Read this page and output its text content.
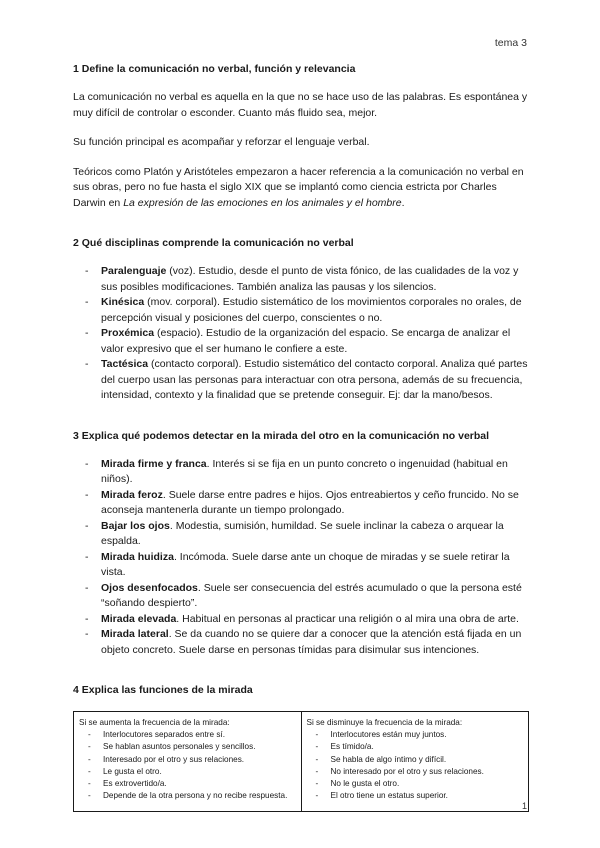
tema 3
1 Define la comunicación no verbal, función y relevancia

La comunicación no verbal es aquella en la que no se hace uso de las palabras. Es espontánea y muy difícil de controlar o esconder. Cuanto más fluido sea, mejor.

Su función principal es acompañar y reforzar el lenguaje verbal.

Teóricos como Platón y Aristóteles empezaron a hacer referencia a la comunicación no verbal en sus obras, pero no fue hasta el siglo XIX que se implantó como ciencia estricta por Charles Darwin en La expresión de las emociones en los animales y el hombre.

2 Qué disciplinas comprende la comunicación no verbal
- Paralenguaje (voz). Estudio, desde el punto de vista fónico, de las cualidades de la voz y sus posibles modificaciones. También analiza las pausas y los silencios.
- Kinésica (mov. corporal). Estudio sistemático de los movimientos corporales no orales, de percepción visual y posiciones del cuerpo, conscientes o no.
- Proxémica (espacio). Estudio de la organización del espacio. Se encarga de analizar el valor expresivo que el ser humano le confiere a este.
- Tactésica (contacto corporal). Estudio sistemático del contacto corporal. Analiza qué partes del cuerpo usan las personas para interactuar con otra persona, además de su frecuencia, intensidad, contexto y la finalidad que se pretende conseguir. Ej: dar la mano/besos.
3 Explica qué podemos detectar en la mirada del otro en la comunicación no verbal
- Mirada firme y franca. Interés si se fija en un punto concreto o ingenuidad (habitual en niños).
- Mirada feroz. Suele darse entre padres e hijos. Ojos entreabiertos y ceño fruncido. No se aconseja mantenerla durante un tiempo prolongado.
- Bajar los ojos. Modestia, sumisión, humildad. Se suele inclinar la cabeza o arquear la espalda.
- Mirada huidiza. Incómoda. Suele darse ante un choque de miradas y se suele retirar la vista.
- Ojos desenfocados. Suele ser consecuencia del estrés acumulado o que la persona esté “soñando despierto”.
- Mirada elevada. Habitual en personas al practicar una religión o al mira una obra de arte.
- Mirada lateral. Se da cuando no se quiere dar a conocer que la atención está fijada en un objeto concreto. Suele darse en personas tímidas para disimular sus intenciones.
4 Explica las funciones de la mirada
Si se aumenta la frecuencia de la mirada:
- Interlocutores separados entre sí.
- Se hablan asuntos personales y sencillos.
- Interesado por el otro y sus relaciones.
- Le gusta el otro.
- Es extrovertido/a.
- Depende de la otra persona y no recibe respuesta.

Si se disminuye la frecuencia de la mirada:
- Interlocutores están muy juntos.
- Es tímido/a.
- Se habla de algo íntimo y difícil.
- No interesado por el otro y sus relaciones.
- No le gusta el otro.
- El otro tiene un estatus superior.
1
